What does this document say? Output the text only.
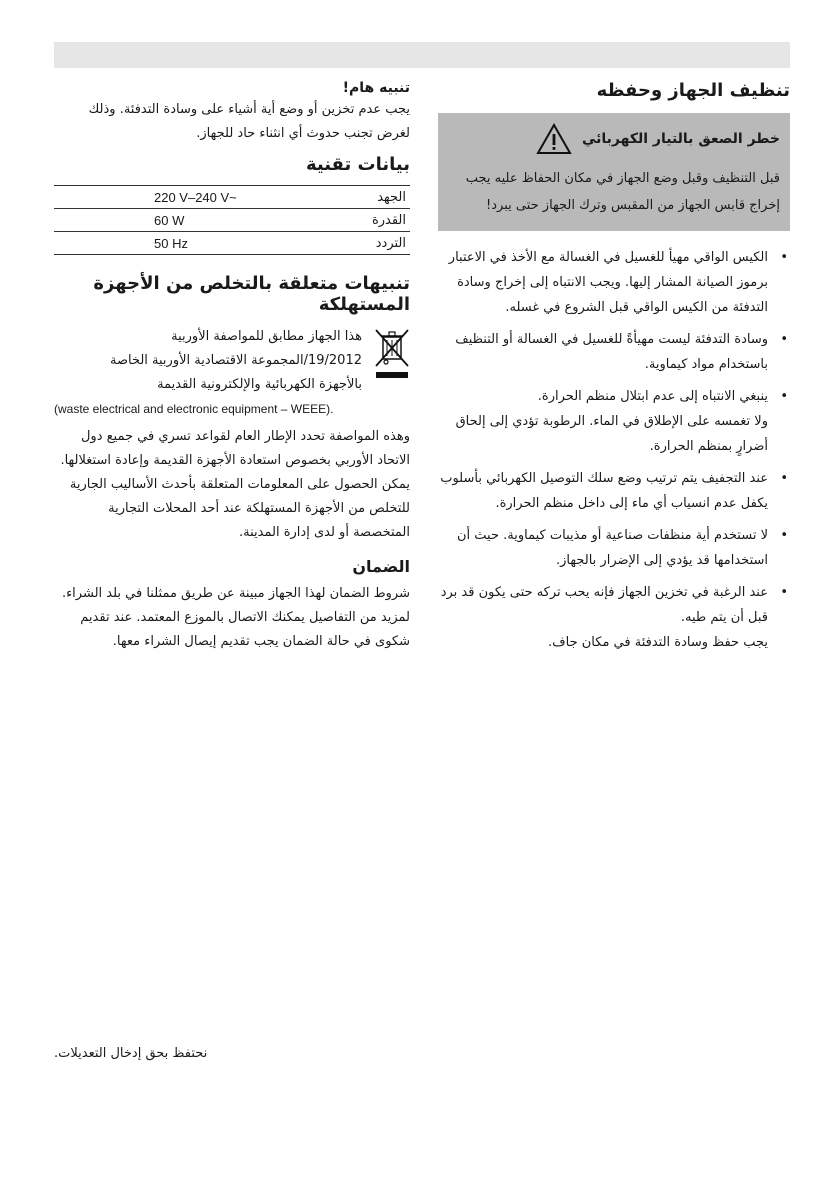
تنظيف الجهاز وحفظه
خطر الصعق بالتيار الكهربائي
قبل التنظيف وقبل وضع الجهاز في مكان الحفاظ عليه يجب إخراج قابس الجهاز من المقبس وترك الجهاز حتى يبرد!
•

الكيس الواقي مهيأ للغسيل في الغسالة مع الأخذ في الاعتبار برموز الصيانة المشار إليها. ويجب الانتباه إلى إخراج وسادة التدفئة من الكيس الواقي قبل الشروع في غسله.

•

وسادة التدفئة ليست مهيأةً للغسيل في الغسالة أو التنظيف باستخدام مواد كيماوية.

•

ينبغي الانتباه إلى عدم ابتلال منظم الحرارة.

ولا تغمسه على الإطلاق في الماء. الرطوبة تؤدي إلى إلحاق أضرارٍ بمنظم الحرارة.

•

عند التجفيف يتم ترتيب وضع سلك التوصيل الكهربائي بأسلوب يكفل عدم انسياب أي ماء إلى داخل منظم الحرارة.

•

لا تستخدم أية منظفات صناعية أو مذيبات كيماوية. حيث أن استخدامها قد يؤدي إلى الإضرار بالجهاز.

•

عند الرغبة في تخزين الجهاز فإنه يحب تركه حتى يكون قد برد قبل أن يتم طيه.

يجب حفظ وسادة التدفئة في مكان جاف.

تنبيه هام!

يجب عدم تخزين أو وضع أية أشياء على وسادة التدفئة. وذلك لغرض تجنب حدوث أي انثناء حاد للجهاز.

بيانات تقنية
الجهد	220 V–240 V~
القدرة	60 W
التردد	50 Hz
تنبيهات متعلقة بالتخلص من الأجهزة المستهلكة
هذا الجهاز مطابق للمواصفة الأوربية
19/2012/المجموعة الاقتصادية الأوربية الخاصة
بالأجهزة الكهربائية والإلكترونية القديمة
(waste electrical and electronic equipment – WEEE).

وهذه المواصفة تحدد الإطار العام لقواعد تسري في جميع دول الاتحاد الأوربي بخصوص استعادة الأجهزة القديمة وإعادة استغلالها.

يمكن الحصول على المعلومات المتعلقة بأحدث الأساليب الجارية للتخلص من الأجهزة المستهلكة عند أحد المحلات التجارية المتخصصة أو لدى إدارة المدينة.

الضمان

شروط الضمان لهذا الجهاز مبينة عن طريق ممثلنا في بلد الشراء. لمزيد من التفاصيل يمكنك الاتصال بالموزع المعتمد. عند تقديم شكوى في حالة الضمان يجب تقديم إيصال الشراء معها.

نحتفظ بحق إدخال التعديلات.
